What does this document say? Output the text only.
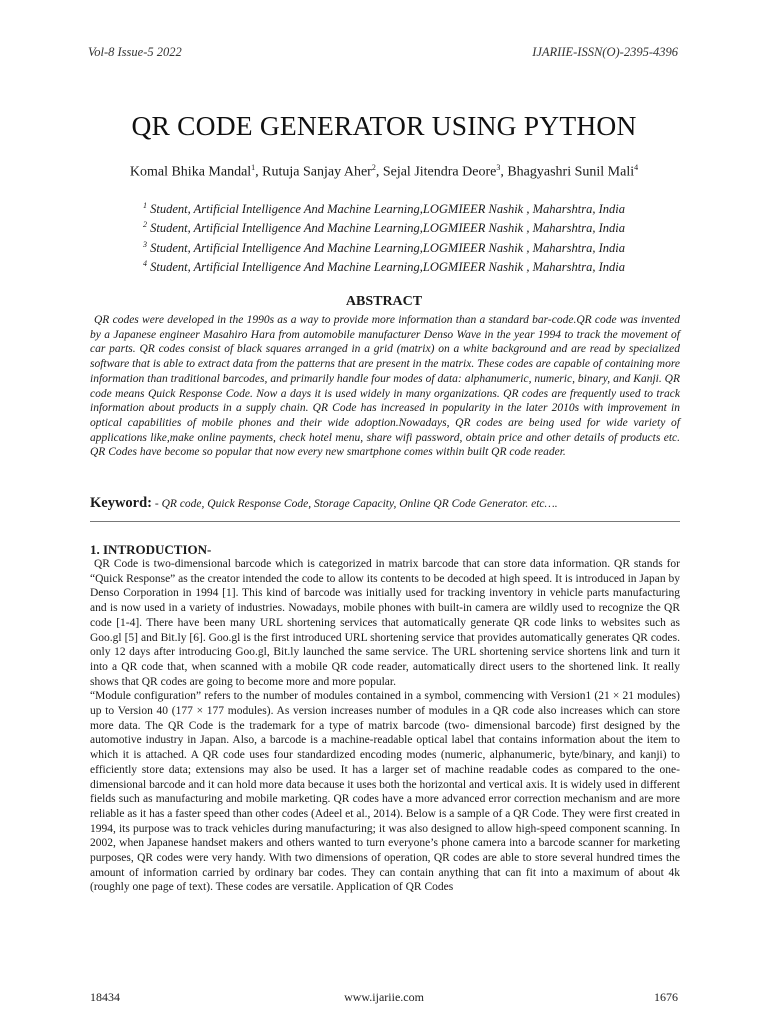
Vol-8 Issue-5 2022	IJARIIE-ISSN(O)-2395-4396
QR CODE GENERATOR USING PYTHON
Komal Bhika Mandal$^1$, Rutuja Sanjay Aher$^2$, Sejal Jitendra Deore$^3$, Bhagyashri Sunil Mali$^4$
$^1$ Student, Artificial Intelligence And Machine Learning,LOGMIEER Nashik , Maharshtra, India
$^2$ Student, Artificial Intelligence And Machine Learning,LOGMIEER Nashik , Maharshtra, India
$^3$ Student, Artificial Intelligence And Machine Learning,LOGMIEER Nashik , Maharshtra, India
$^4$ Student, Artificial Intelligence And Machine Learning,LOGMIEER Nashik , Maharshtra, India
ABSTRACT
QR codes were developed in the 1990s as a way to provide more information than a standard bar-code.QR code was invented by a Japanese engineer Masahiro Hara from automobile manufacturer Denso Wave in the year 1994 to track the movement of car parts. QR codes consist of black squares arranged in a grid (matrix) on a white background and are read by specialized software that is able to extract data from the patterns that are present in the matrix. These codes are capable of containing more information than traditional barcodes, and primarily handle four modes of data: alphanumeric, numeric, binary, and Kanji. QR code means Quick Response Code. Now a days it is used widely in many organizations. QR codes are frequently used to track information about products in a supply chain. QR Code has increased in popularity in the later 2010s with improvement in optical capabilities of mobile phones and their wide adoption.Nowadays, QR codes are being used for wide variety of applications like,make online payments, check hotel menu, share wifi password, obtain price and other details of products etc. QR Codes have become so popular that now every new smartphone comes within built QR code reader.
Keyword: - QR code, Quick Response Code, Storage Capacity, Online QR Code Generator. etc….
1. INTRODUCTION-

QR Code is two-dimensional barcode which is categorized in matrix barcode that can store data information. QR stands for “Quick Response” as the creator intended the code to allow its contents to be decoded at high speed. It is introduced in Japan by Denso Corporation in 1994 [1]. This kind of barcode was initially used for tracking inventory in vehicle parts manufacturing and is now used in a variety of industries. Nowadays, mobile phones with built-in camera are wildly used to recognize the QR code [1-4]. There have been many URL shortening services that automatically generate QR code links to websites such as Goo.gl [5] and Bit.ly [6]. Goo.gl is the first introduced URL shortening service that provides automatically generates QR codes. only 12 days after introducing Goo.gl, Bit.ly launched the same service. The URL shortening service shortens link and turn it into a QR code that, when scanned with a mobile QR code reader, automatically direct users to the shortened link. It really shows that QR codes are going to become more and more popular.

“Module configuration” refers to the number of modules contained in a symbol, commencing with Version1 (21 × 21 modules) up to Version 40 (177 × 177 modules). As version increases number of modules in a QR code also increases which can store more data. The QR Code is the trademark for a type of matrix barcode (two- dimensional barcode) first designed by the automotive industry in Japan. Also, a barcode is a machine-readable optical label that contains information about the item to which it is attached. A QR code uses four standardized encoding modes (numeric, alphanumeric, byte/binary, and kanji) to efficiently store data; extensions may also be used. It has a larger set of machine readable codes as compared to the one-dimensional barcode and it can hold more data because it uses both the horizontal and vertical axis. It is widely used in different fields such as manufacturing and mobile marketing. QR codes have a more advanced error correction mechanism and are more reliable as it has a faster speed than other codes (Adeel et al., 2014). Below is a sample of a QR Code. They were first created in 1994, its purpose was to track vehicles during manufacturing; it was also designed to allow high-speed component scanning. In 2002, when Japanese handset makers and others wanted to turn everyone’s phone camera into a barcode scanner for marketing purposes, QR codes were very handy. With two dimensions of operation, QR codes are able to store several hundred times the amount of information carried by ordinary bar codes. They can contain anything that can fit into a maximum of about 4k (roughly one page of text). These codes are versatile. Application of QR Codes

18434	www.ijariie.com	1676
